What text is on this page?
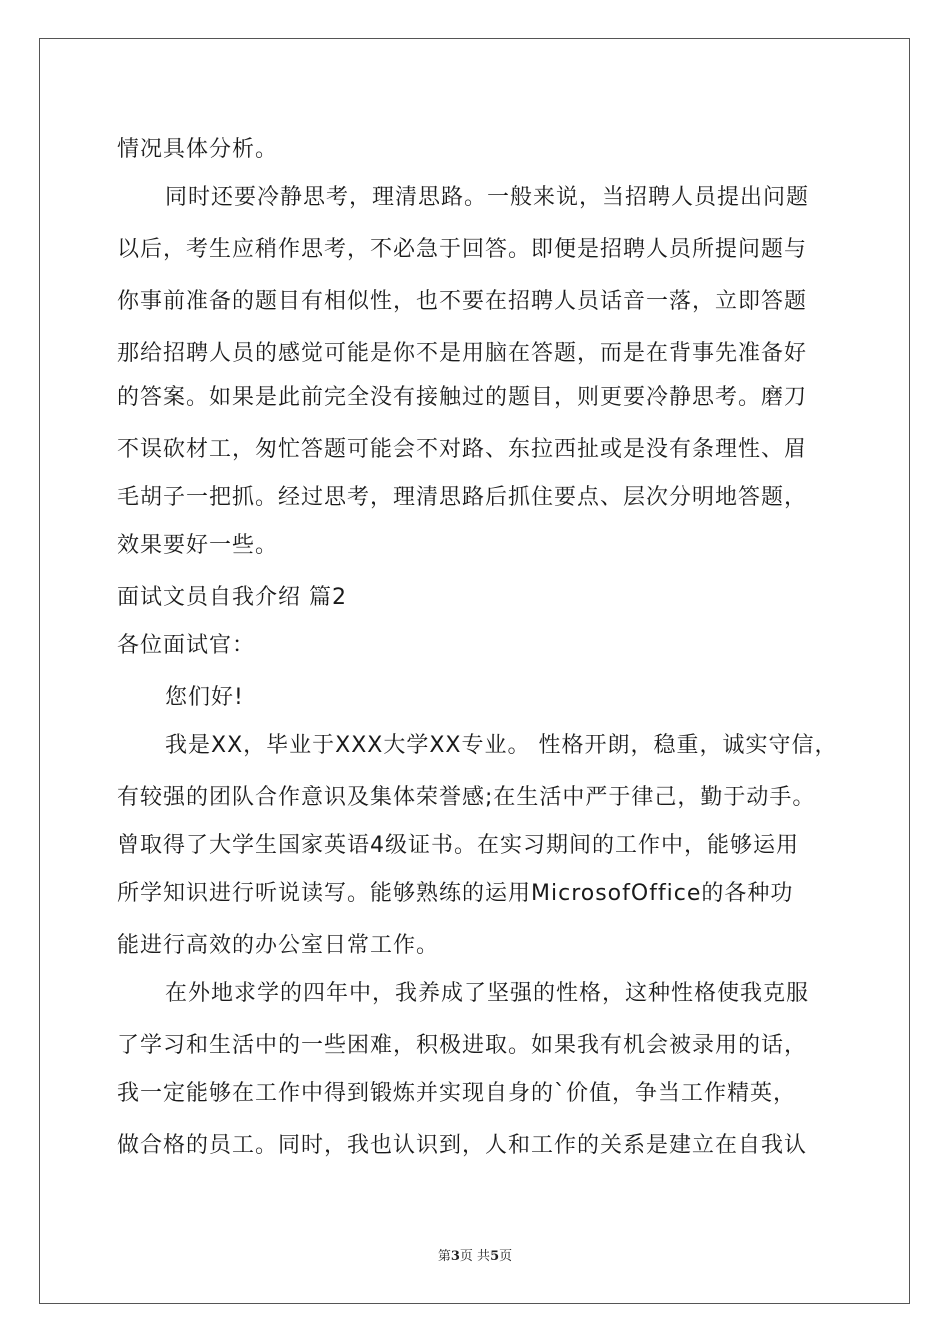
情况具体分析。
同时还要冷静思考，理清思路。一般来说，当招聘人员提出问题
以后，考生应稍作思考，不必急于回答。即便是招聘人员所提问题与
你事前准备的题目有相似性，也不要在招聘人员话音一落，立即答题
那给招聘人员的感觉可能是你不是用脑在答题，而是在背事先准备好
的答案。如果是此前完全没有接触过的题目，则更要冷静思考。磨刀
不误砍材工，匆忙答题可能会不对路、东拉西扯或是没有条理性、眉
毛胡子一把抓。经过思考，理清思路后抓住要点、层次分明地答题，
效果要好一些。
面试文员自我介绍 篇2
各位面试官：
您们好!
我是XX，毕业于XXX大学XX专业。 性格开朗，稳重，诚实守信，
有较强的团队合作意识及集体荣誉感;在生活中严于律己，勤于动手。
曾取得了大学生国家英语4级证书。在实习期间的工作中，能够运用
所学知识进行听说读写。能够熟练的运用MicrosofOffice的各种功
能进行高效的办公室日常工作。
在外地求学的四年中，我养成了坚强的性格，这种性格使我克服
了学习和生活中的一些困难，积极进取。如果我有机会被录用的话，
我一定能够在工作中得到锻炼并实现自身的`价值，争当工作精英，
做合格的员工。同时，我也认识到，人和工作的关系是建立在自我认
第3页 共5页
